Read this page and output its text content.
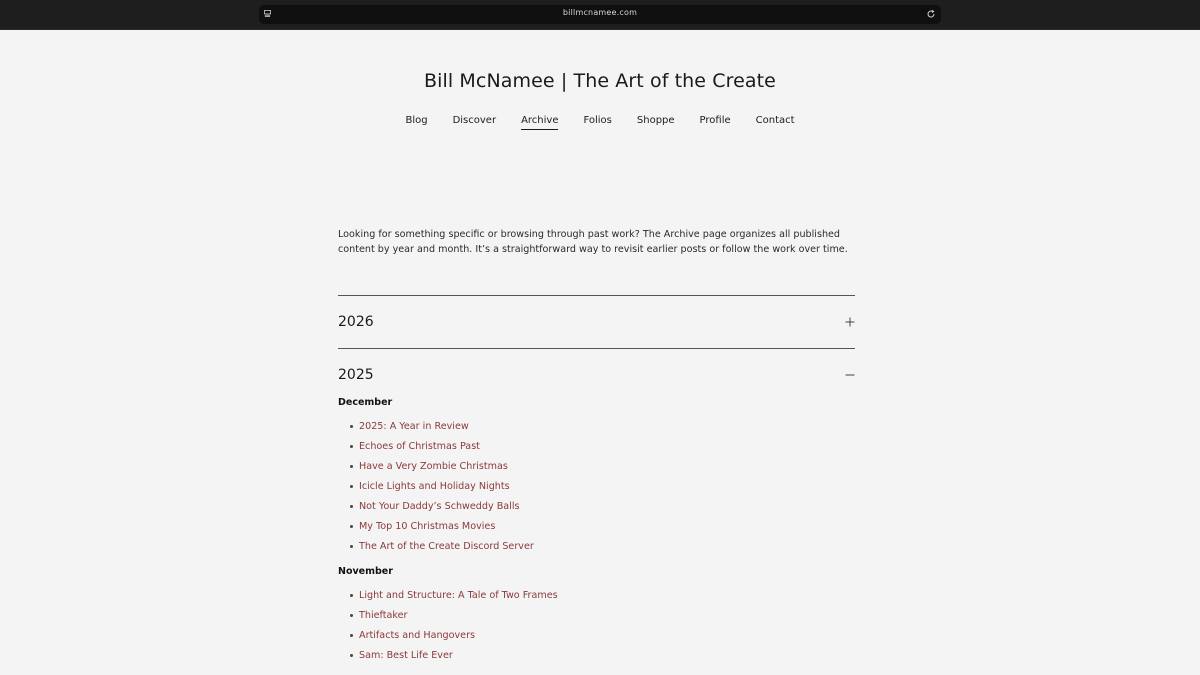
billmcnamee.com
Bill McNamee | The Art of the Create
Blog	Discover	Archive	Folios	Shoppe	Profile	Contact

Looking for something specific or browsing through past work? The Archive page organizes all published content by year and month. It’s a straightforward way to revisit earlier posts or follow the work over time.

2026
2025
December
2025: A Year in Review
Echoes of Christmas Past
Have a Very Zombie Christmas
Icicle Lights and Holiday Nights
Not Your Daddy’s Schweddy Balls
My Top 10 Christmas Movies
The Art of the Create Discord Server
November
Light and Structure: A Tale of Two Frames
Thieftaker
Artifacts and Hangovers
Sam: Best Life Ever
